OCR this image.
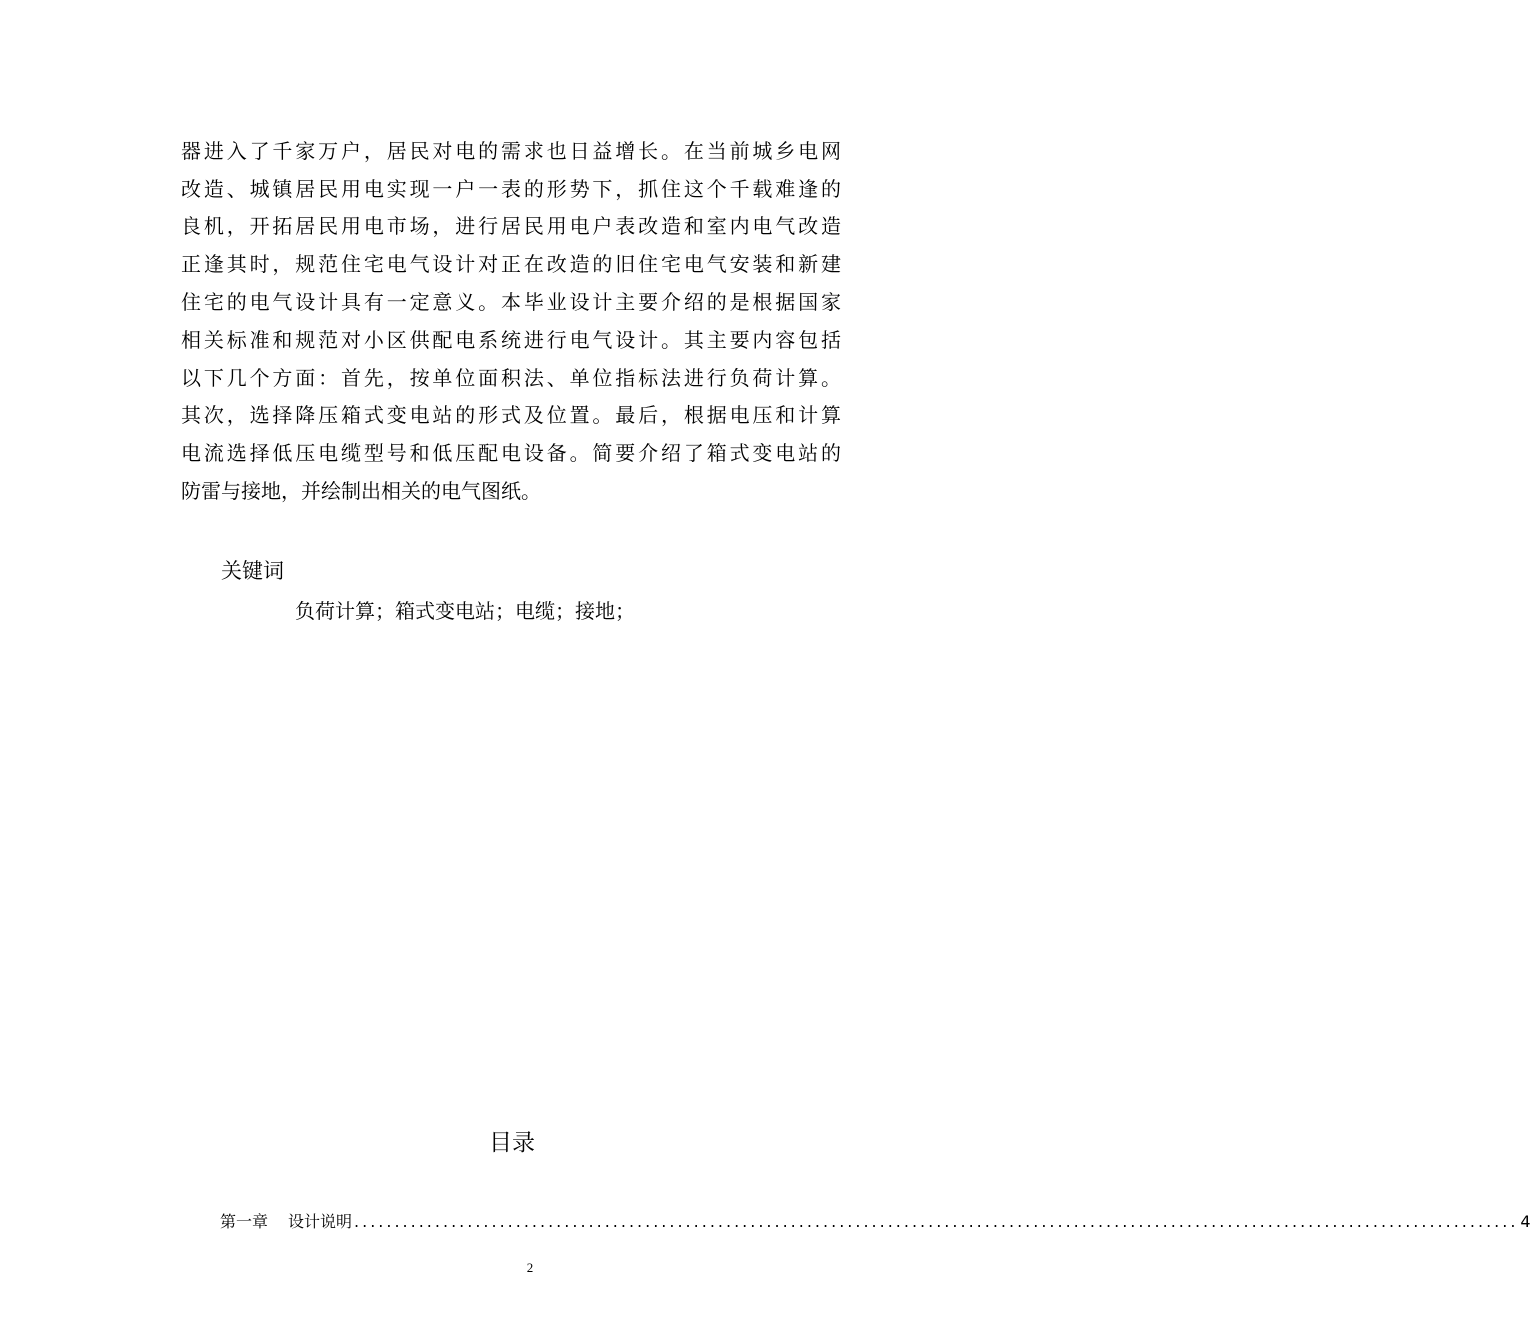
器进入了千家万户，居民对电的需求也日益增长。在当前城乡电网
改造、城镇居民用电实现一户一表的形势下，抓住这个千载难逢的
良机，开拓居民用电市场，进行居民用电户表改造和室内电气改造
正逢其时，规范住宅电气设计对正在改造的旧住宅电气安装和新建
住宅的电气设计具有一定意义。本毕业设计主要介绍的是根据国家
相关标准和规范对小区供配电系统进行电气设计。其主要内容包括
以下几个方面：首先，按单位面积法、单位指标法进行负荷计算。
其次，选择降压箱式变电站的形式及位置。最后，根据电压和计算
电流选择低压电缆型号和低压配电设备。简要介绍了箱式变电站的
防雷与接地，并绘制出相关的电气图纸。
关键词
负荷计算；箱式变电站；电缆；接地；
目录
第一章 设计说明 ................................................................................................................................................ 4
2
